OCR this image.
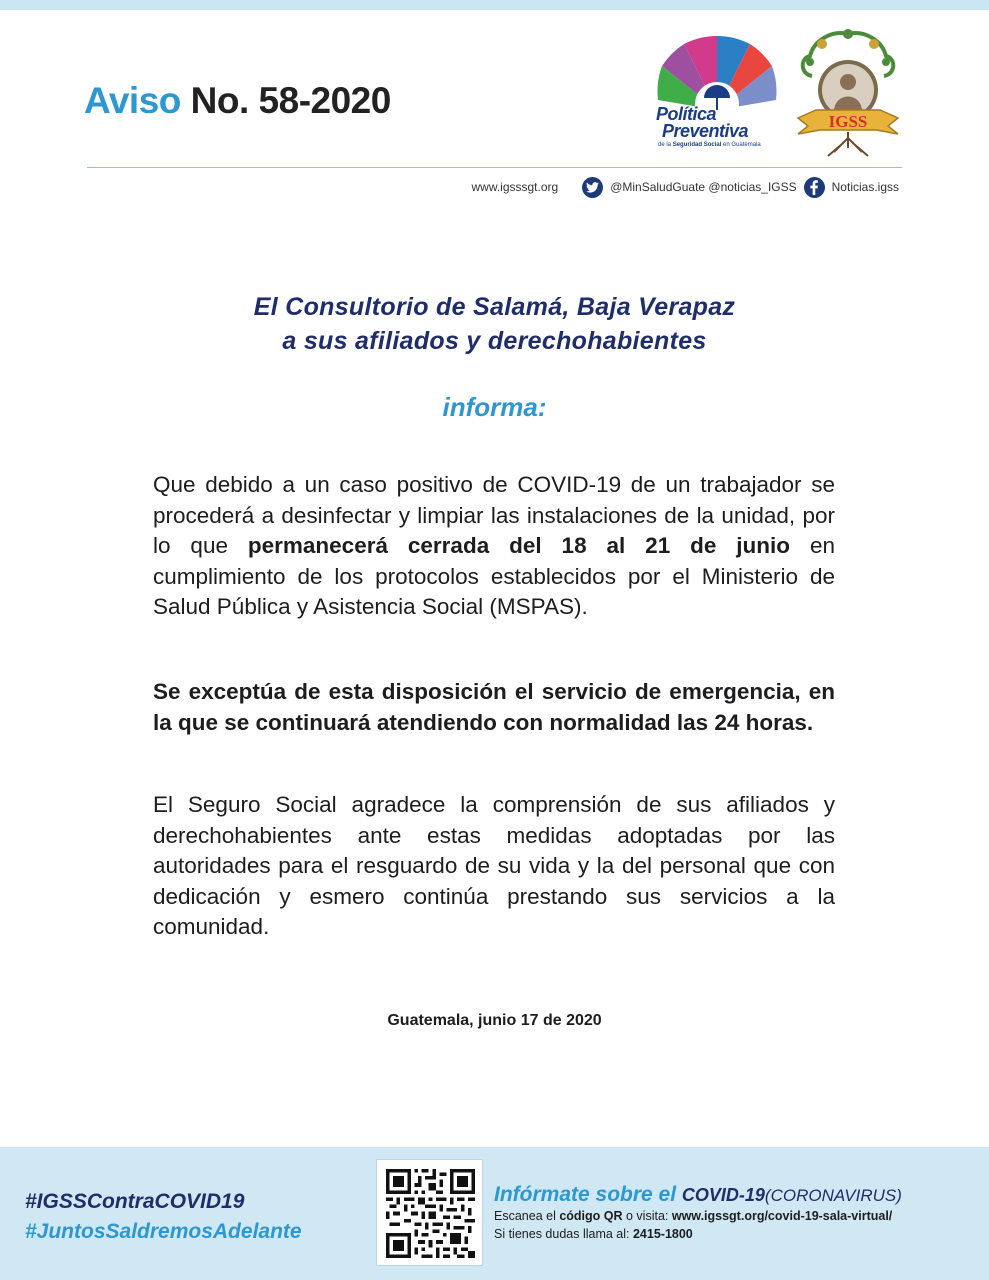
Aviso No. 58-2020	Política
Preventiva
de la Seguridad Social en Guatemala
IGSS
www.igsssgt.org	@MinSaludGuate @noticias_IGSS	Noticias.igss
El Consultorio de Salamá, Baja Verapaz
a sus afiliados y derechohabientes
informa:
Que debido a un caso positivo de COVID-19 de un trabajador se procederá a desinfectar y limpiar las instalaciones de la unidad, por lo que permanecerá cerrada del 18 al 21 de junio en cumplimiento de los protocolos establecidos por el Ministerio de Salud Pública y Asistencia Social (MSPAS).
Se exceptúa de esta disposición el servicio de emergencia, en la que se continuará atendiendo con normalidad las 24 horas.
El Seguro Social agradece la comprensión de sus afiliados y derechohabientes ante estas medidas adoptadas por las autoridades para el resguardo de su vida y la del personal que con dedicación y esmero continúa prestando sus servicios a la comunidad.
Guatemala, junio 17 de 2020
#IGSSContraCOVID19
#JuntosSaldremosAdelante
Infórmate sobre el COVID-19(CORONAVIRUS)
Escanea el código QR o visita: www.igssgt.org/covid-19-sala-virtual/
Si tienes dudas llama al: 2415-1800
